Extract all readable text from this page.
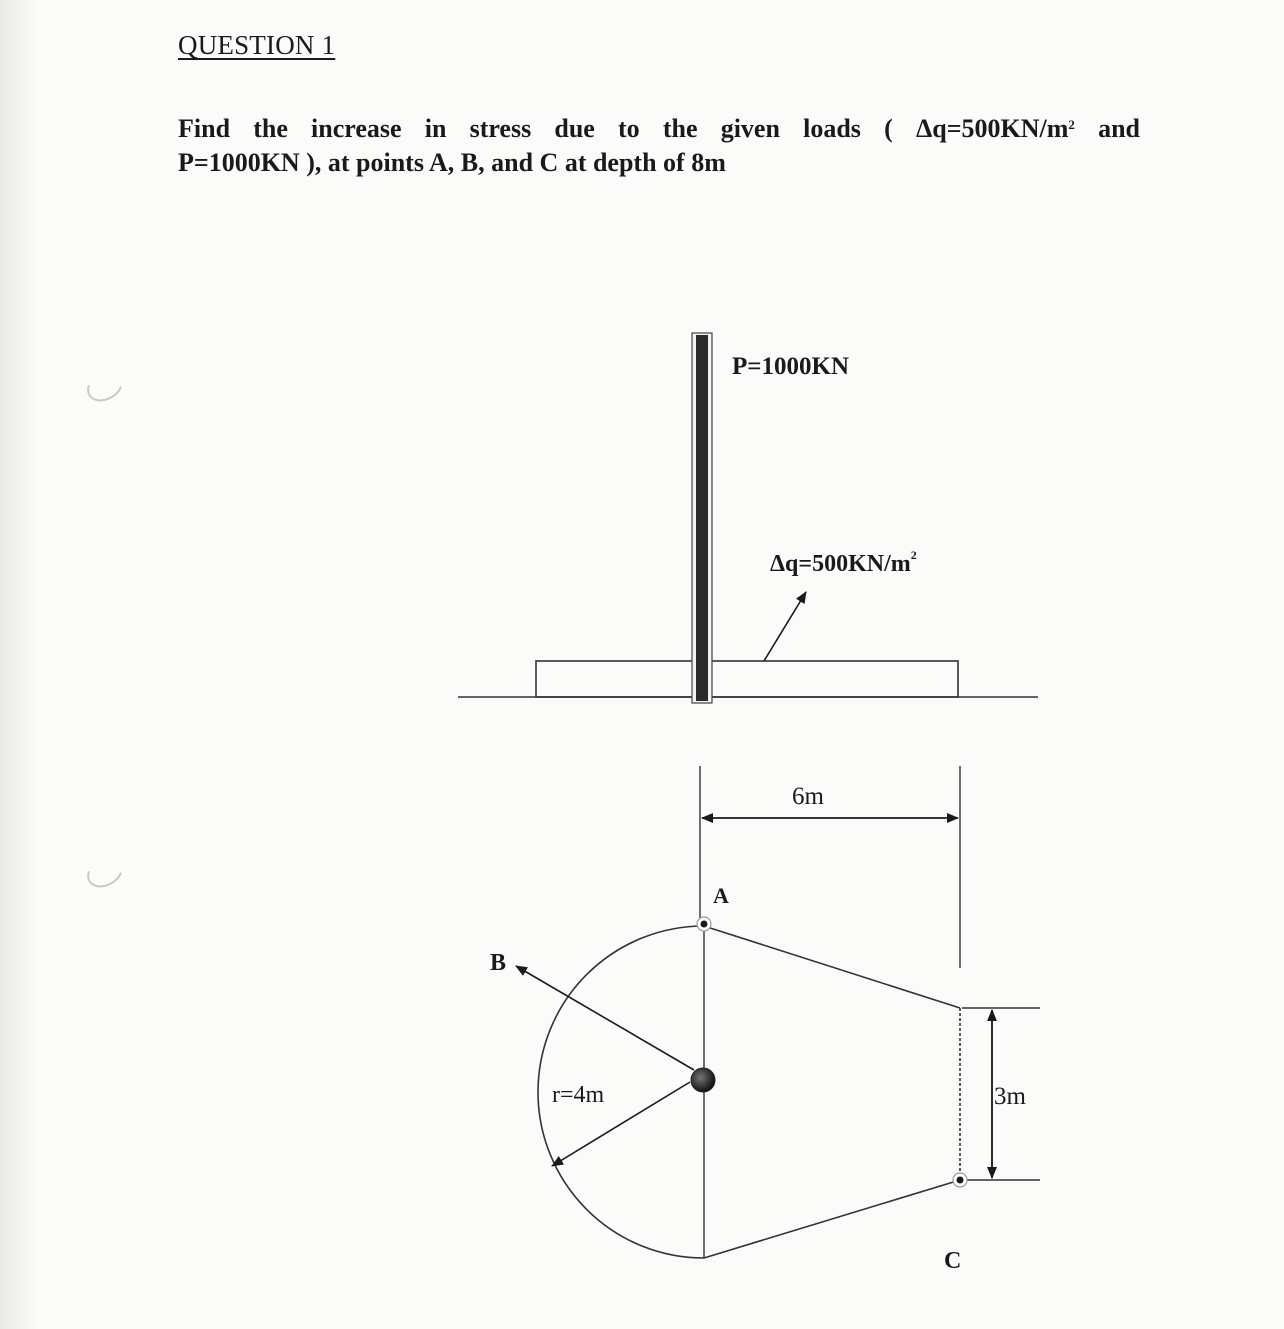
QUESTION 1
Find the increase in stress due to the given loads ( $\Delta q=500KN/m^2$ and
P=1000KN ), at points A, B, and C at depth of 8m
P=1000KN
$\Delta q=500KN/m^2$
6m
3m
r=4m
A
B
C
